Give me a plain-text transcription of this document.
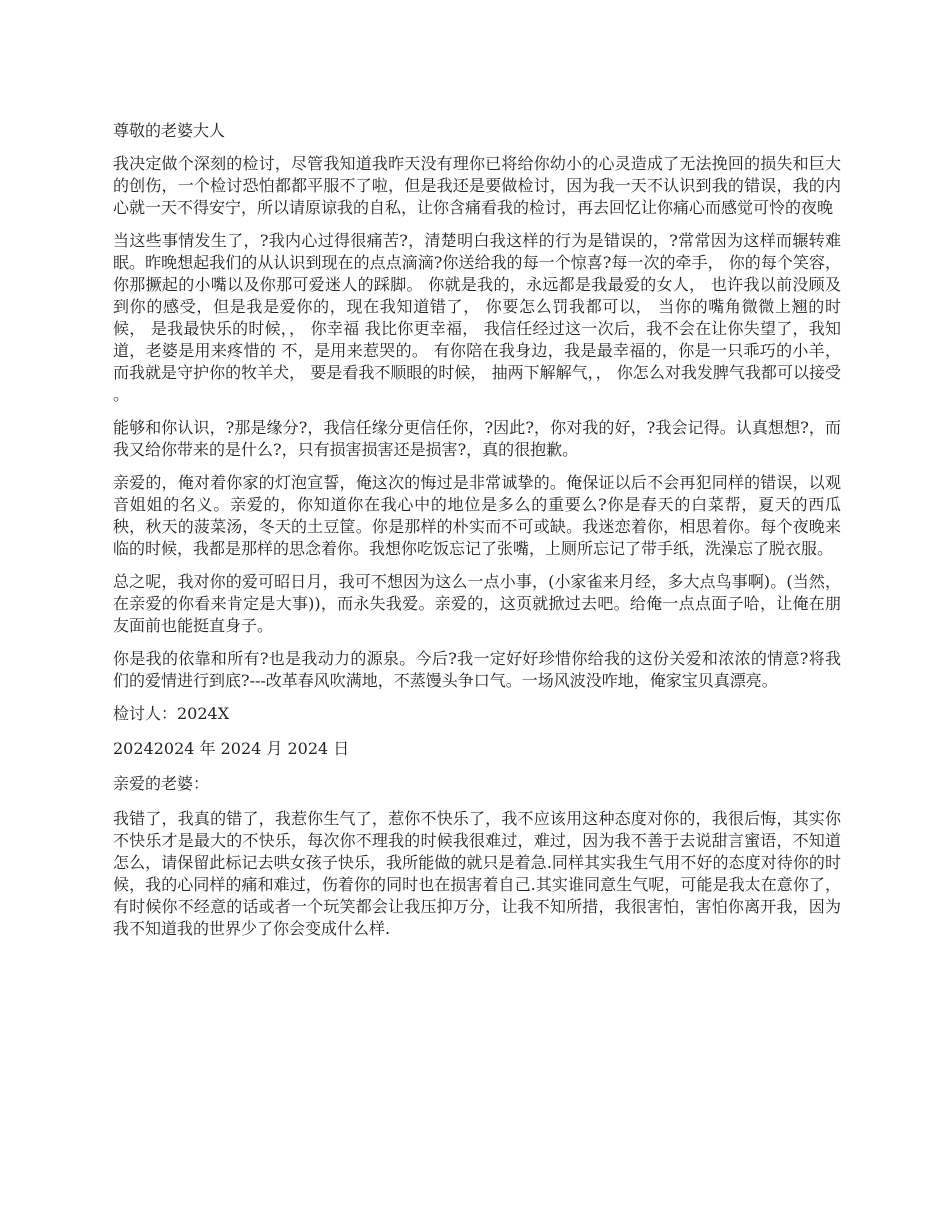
尊敬的老婆大人

我决定做个深刻的检讨，尽管我知道我昨天没有理你已将给你幼小的心灵造成了无法挽回的损失和巨大的创伤，一个检讨恐怕都都平服不了啦，但是我还是要做检讨，因为我一天不认识到我的错误，我的内心就一天不得安宁，所以请原谅我的自私，让你含痛看我的检讨，再去回忆让你痛心而感觉可怜的夜晚

当这些事情发生了，?我内心过得很痛苦?，清楚明白我这样的行为是错误的，?常常因为这样而辗转难眠。昨晚想起我们的从认识到现在的点点滴滴?你送给我的每一个惊喜?每一次的牵手， 你的每个笑容， 你那撅起的小嘴以及你那可爱迷人的踩脚。 你就是我的，永远都是我最爱的女人， 也许我以前没顾及到你的感受，但是我是爱你的，现在我知道错了， 你要怎么罚我都可以， 当你的嘴角微微上翘的时候， 是我最快乐的时候，， 你幸福 我比你更幸福， 我信任经过这一次后，我不会在让你失望了，我知道，老婆是用来疼惜的 不，是用来惹哭的。 有你陪在我身边，我是最幸福的，你是一只乖巧的小羊，而我就是守护你的牧羊犬， 要是看我不顺眼的时候， 抽两下解解气，， 你怎么对我发脾气我都可以接受 。

能够和你认识，?那是缘分?，我信任缘分更信任你，?因此?，你对我的好，?我会记得。认真想想?，而我又给你带来的是什么?，只有损害损害还是损害?，真的很抱歉。

亲爱的，俺对着你家的灯泡宣誓，俺这次的悔过是非常诚挚的。俺保证以后不会再犯同样的错误，以观音姐姐的名义。亲爱的，你知道你在我心中的地位是多么的重要么?你是春天的白菜帮，夏天的西瓜秧，秋天的菠菜汤，冬天的土豆筐。你是那样的朴实而不可或缺。我迷恋着你，相思着你。每个夜晚来临的时候，我都是那样的思念着你。我想你吃饭忘记了张嘴，上厕所忘记了带手纸，洗澡忘了脱衣服。

总之呢，我对你的爱可昭日月，我可不想因为这么一点小事，(小家雀来月经，多大点鸟事啊)。(当然，在亲爱的你看来肯定是大事))，而永失我爱。亲爱的，这页就掀过去吧。给俺一点点面子哈，让俺在朋友面前也能挺直身子。

你是我的依靠和所有?也是我动力的源泉。今后?我一定好好珍惜你给我的这份关爱和浓浓的情意?将我们的爱情进行到底?---改革春风吹满地，不蒸馒头争口气。一场风波没咋地，俺家宝贝真漂亮。

检讨人：2024X

20242024 年 2024 月 2024 日

亲爱的老婆：

我错了，我真的错了，我惹你生气了，惹你不快乐了，我不应该用这种态度对你的，我很后悔，其实你不快乐才是最大的不快乐，每次你不理我的时候我很难过，难过，因为我不善于去说甜言蜜语，不知道怎么，请保留此标记去哄女孩子快乐，我所能做的就只是着急.同样其实我生气用不好的态度对待你的时候，我的心同样的痛和难过，伤着你的同时也在损害着自己.其实谁同意生气呢，可能是我太在意你了，有时候你不经意的话或者一个玩笑都会让我压抑万分，让我不知所措，我很害怕，害怕你离开我，因为我不知道我的世界少了你会变成什么样.
